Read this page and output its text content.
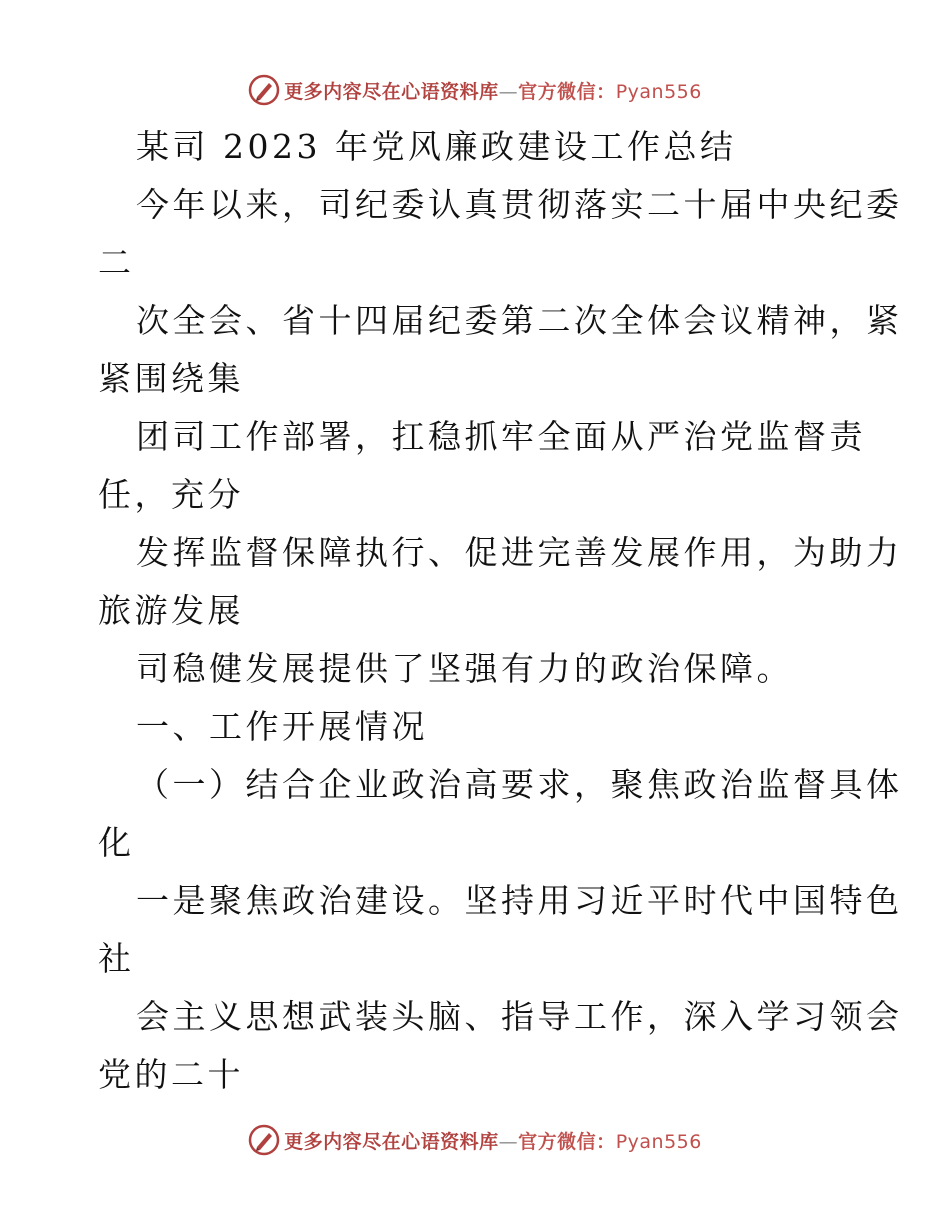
更多内容尽在心语资料库—官方微信：Pyan556
某司 2023 年党风廉政建设工作总结
今年以来，司纪委认真贯彻落实二十届中央纪委
二
次全会、省十四届纪委第二次全体会议精神，紧
紧围绕集
团司工作部署，扛稳抓牢全面从严治党监督责
任，充分
发挥监督保障执行、促进完善发展作用，为助力
旅游发展
司稳健发展提供了坚强有力的政治保障。
一、工作开展情况
（一）结合企业政治高要求，聚焦政治监督具体
化
一是聚焦政治建设。坚持用习近平时代中国特色
社
会主义思想武装头脑、指导工作，深入学习领会
党的二十
更多内容尽在心语资料库—官方微信：Pyan556
